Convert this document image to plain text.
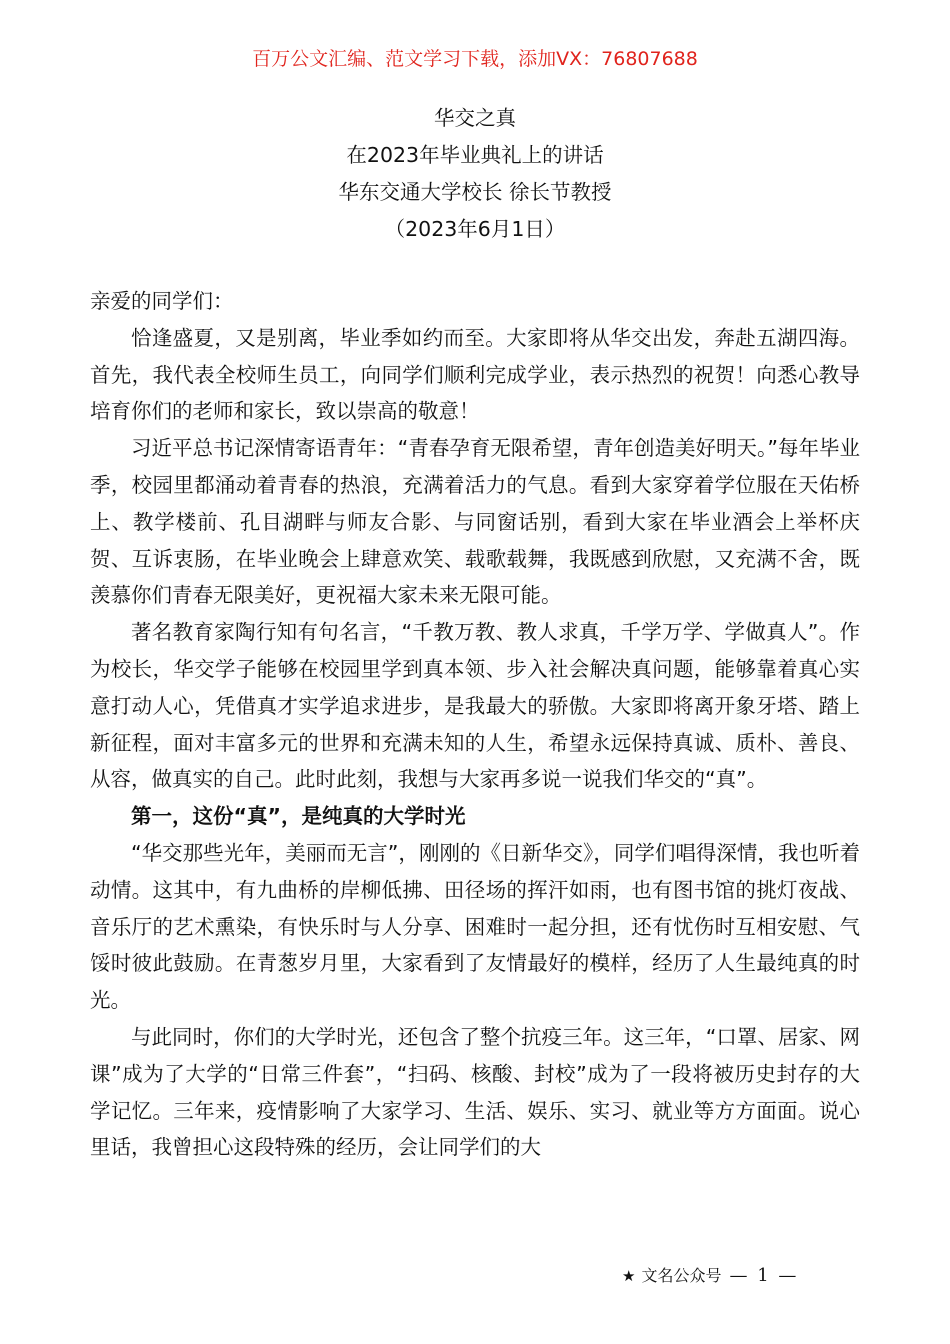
百万公文汇编、范文学习下载，添加VX：76807688
华交之真
在2023年毕业典礼上的讲话
华东交通大学校长 徐长节教授
（2023年6月1日）

亲爱的同学们：

恰逢盛夏，又是别离，毕业季如约而至。大家即将从华交出发，奔赴五湖四海。首先，我代表全校师生员工，向同学们顺利完成学业，表示热烈的祝贺！向悉心教导培育你们的老师和家长，致以崇高的敬意！

习近平总书记深情寄语青年：“青春孕育无限希望，青年创造美好明天。”每年毕业季，校园里都涌动着青春的热浪，充满着活力的气息。看到大家穿着学位服在天佑桥上、教学楼前、孔目湖畔与师友合影、与同窗话别，看到大家在毕业酒会上举杯庆贺、互诉衷肠，在毕业晚会上肆意欢笑、载歌载舞，我既感到欣慰，又充满不舍，既羡慕你们青春无限美好，更祝福大家未来无限可能。

著名教育家陶行知有句名言，“千教万教、教人求真，千学万学、学做真人”。作为校长，华交学子能够在校园里学到真本领、步入社会解决真问题，能够靠着真心实意打动人心，凭借真才实学追求进步，是我最大的骄傲。大家即将离开象牙塔、踏上新征程，面对丰富多元的世界和充满未知的人生，希望永远保持真诚、质朴、善良、从容，做真实的自己。此时此刻，我想与大家再多说一说我们华交的“真”。

第一，这份“真”，是纯真的大学时光

“华交那些光年，美丽而无言”，刚刚的《日新华交》，同学们唱得深情，我也听着动情。这其中，有九曲桥的岸柳低拂、田径场的挥汗如雨，也有图书馆的挑灯夜战、音乐厅的艺术熏染，有快乐时与人分享、困难时一起分担，还有忧伤时互相安慰、气馁时彼此鼓励。在青葱岁月里，大家看到了友情最好的模样，经历了人生最纯真的时光。

与此同时，你们的大学时光，还包含了整个抗疫三年。这三年，“口罩、居家、网课”成为了大学的“日常三件套”，“扫码、核酸、封校”成为了一段将被历史封存的大学记忆。三年来，疫情影响了大家学习、生活、娱乐、实习、就业等方方面面。说心里话，我曾担心这段特殊的经历，会让同学们的大

★ 文名公众号 — 1 —
